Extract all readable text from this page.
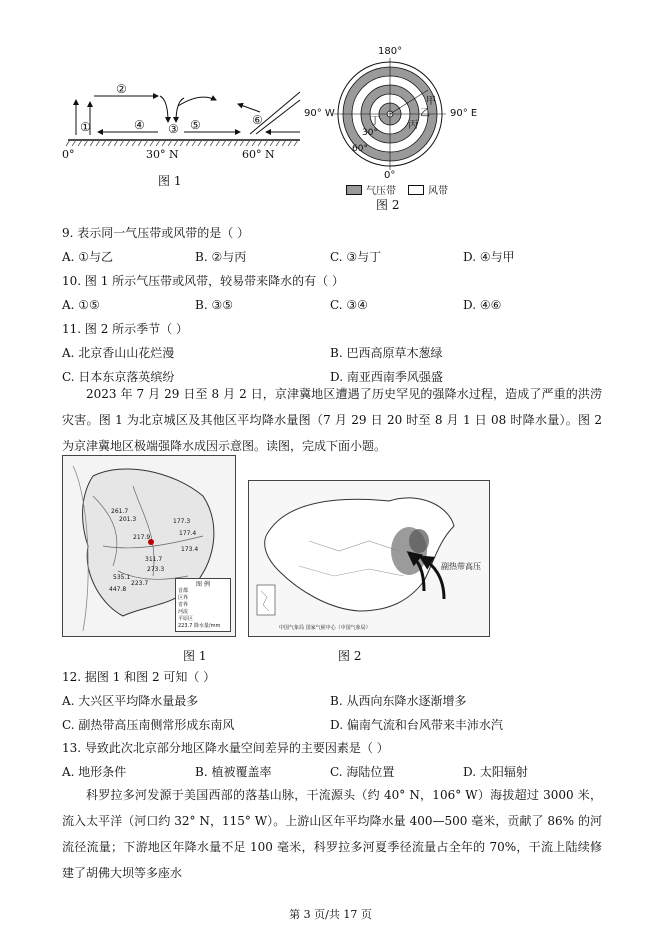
①
②
③
④	⑤	⑥
0°	30° N	60° N
图 1
180°
0°
90° W	90° E
甲
乙
丙
丁
30°
60°
气压带	风带
图 2
9. 表示同一气压带或风带的是（ ）
A. ①与乙	B. ②与丙	C. ③与丁	D. ④与甲
10. 图 1 所示气压带或风带，较易带来降水的有（ ）
A. ①⑤	B. ③⑤	C. ③④	D. ④⑥
11. 图 2 所示季节（ ）
A. 北京香山山花烂漫	B. 巴西高原草木葱绿
C. 日本东京落英缤纷	D. 南亚西南季风强盛
2023 年 7 月 29 日至 8 月 2 日，京津冀地区遭遇了历史罕见的强降水过程，造成了严重的洪涝灾害。图 1 为北京城区及其他区平均降水量图（7 月 29 日 20 时至 8 月 1 日 08 时降水量）。图 2 为京津冀地区极端强降水成因示意图。读图，完成下面小题。
261.7
201.3	177.3
177.4
217.9
173.4
311.7
273.3
535.1
447.8
223.7	图 例
首都
区界
省界
河流
平原区
223.7 降水量/mm
图 1
副热带高压
中国气象局 国家气候中心（中国气象局）
图 2
12. 据图 1 和图 2 可知（ ）
A. 大兴区平均降水量最多	B. 从西向东降水逐渐增多
C. 副热带高压南侧常形成东南风	D. 偏南气流和台风带来丰沛水汽
13. 导致此次北京部分地区降水量空间差异的主要因素是（ ）
A. 地形条件	B. 植被覆盖率	C. 海陆位置	D. 太阳辐射
科罗拉多河发源于美国西部的落基山脉，干流源头（约 40° N，106° W）海拔超过 3000 米，流入太平洋（河口约 32° N，115° W）。上游山区年平均降水量 400—500 毫米，贡献了 86% 的河流径流量；下游地区年降水量不足 100 毫米，科罗拉多河夏季径流量占全年的 70%，干流上陆续修建了胡佛大坝等多座水
第 3 页/共 17 页
